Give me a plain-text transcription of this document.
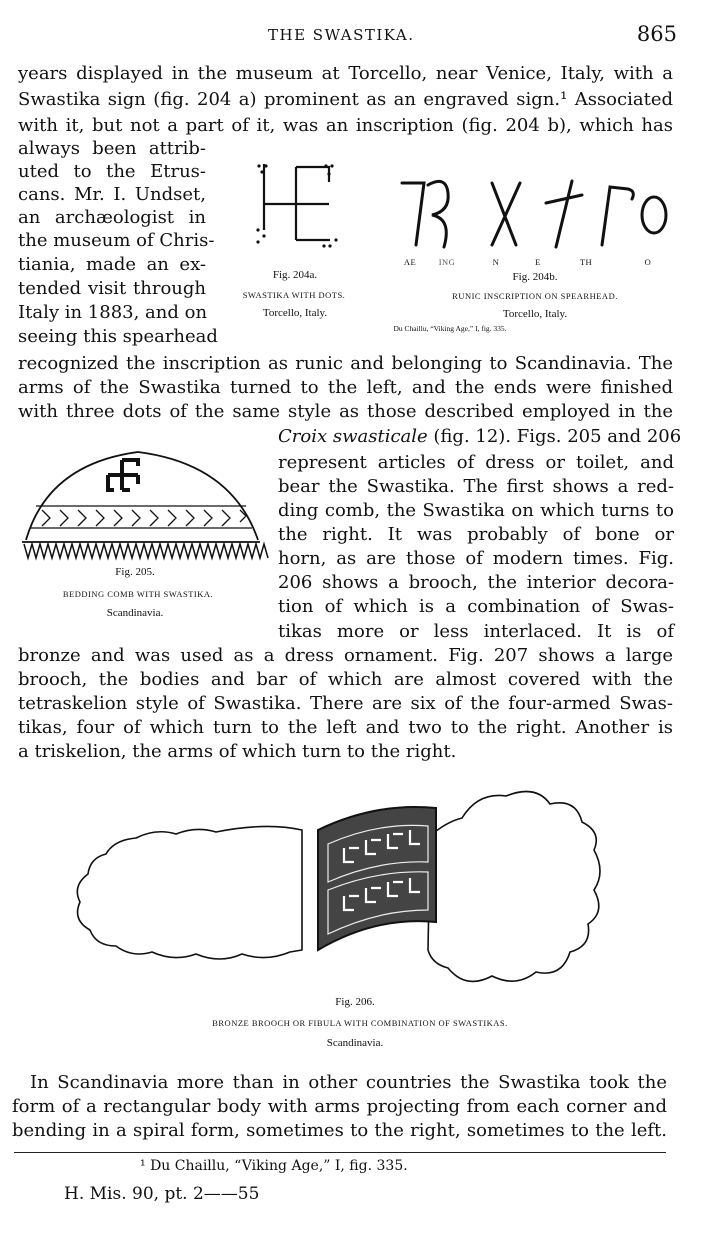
THE SWASTIKA.	865
years displayed in the museum at Torcello, near Venice, Italy, with a
Swastika sign (fig. 204 a) prominent as an engraved sign.¹ Associated
with it, but not a part of it, was an inscription (fig. 204 b), which has
always been attrib-
uted to the Etrus-
cans. Mr. I. Undset,
an archæologist in
the museum of Chris-
tiania, made an ex-
tended visit through
Italy in 1883, and on
seeing this spearhead
recognized the inscription as runic and belonging to Scandinavia. The
arms of the Swastika turned to the left, and the ends were finished
with three dots of the same style as those described employed in the
Fig. 204a.
SWASTIKA WITH DOTS.
Torcello, Italy.
AE	ING	N	E	TH	O
Fig. 204b.
RUNIC INSCRIPTION ON SPEARHEAD.
Torcello, Italy.
Du Chaillu, “Viking Age,” I, fig. 335.
Fig. 205.
BEDDING COMB WITH SWASTIKA.
Scandinavia.
Croix swasticale (fig. 12). Figs. 205 and 206
represent articles of dress or toilet, and
bear the Swastika. The first shows a red-
ding comb, the Swastika on which turns to
the right. It was probably of bone or
horn, as are those of modern times. Fig.
206 shows a brooch, the interior decora-
tion of which is a combination of Swas-
tikas more or less interlaced. It is of
bronze and was used as a dress ornament. Fig. 207 shows a large
brooch, the bodies and bar of which are almost covered with the
tetraskelion style of Swastika. There are six of the four-armed Swas-
tikas, four of which turn to the left and two to the right. Another is
a triskelion, the arms of which turn to the right.
Fig. 206.
BRONZE BROOCH OR FIBULA WITH COMBINATION OF SWASTIKAS.
Scandinavia.
In Scandinavia more than in other countries the Swastika took the
form of a rectangular body with arms projecting from each corner and
bending in a spiral form, sometimes to the right, sometimes to the left.
¹ Du Chaillu, “Viking Age,” I, fig. 335.
H. Mis. 90, pt. 2——55
